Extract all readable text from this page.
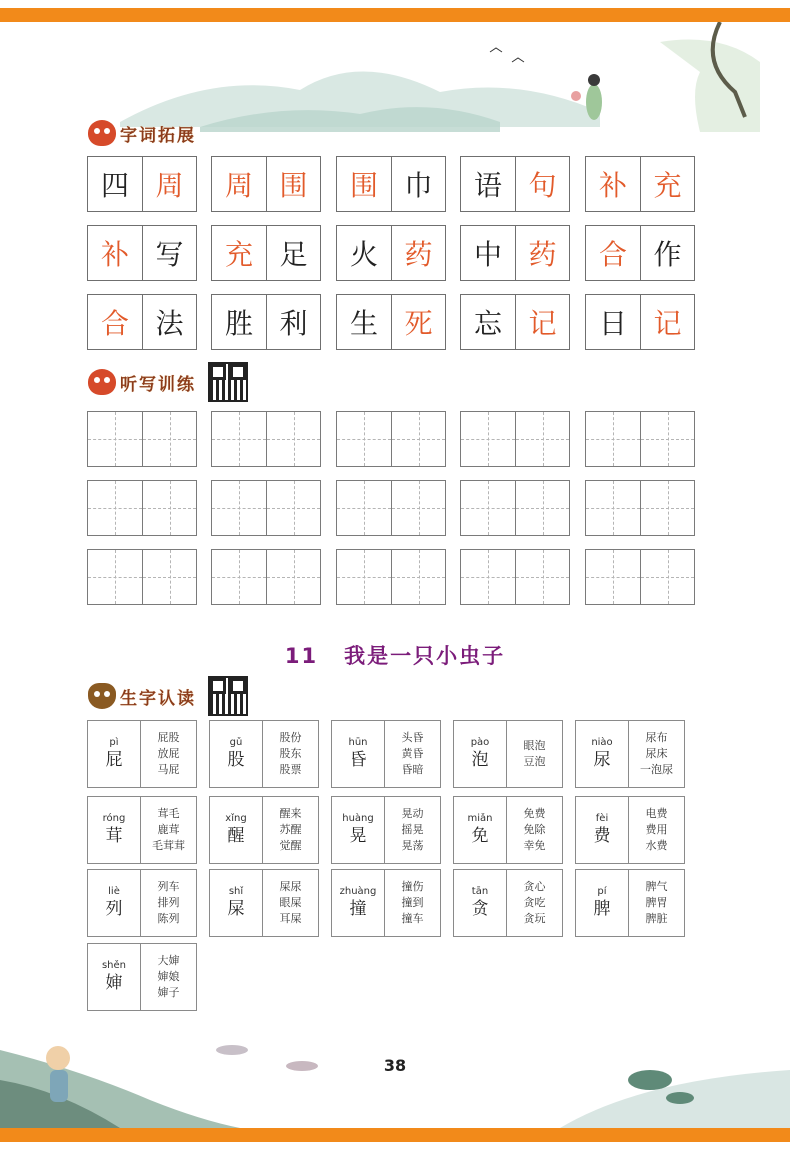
字词拓展
听写训练
11 我是一只小虫子
生字认读
38
四 周	周 围	围 巾	语 句	补 充
补 写	充 足	火 药	中 药	合 作
合 法	胜 利	生 死	忘 记	日 记
pì
屁
屁股
放屁
马屁
gǔ
股
股份
股东
股票
hūn
昏
头昏
黄昏
昏暗
pào
泡
眼泡
豆泡
niào
尿
尿布
尿床
一泡尿
róng
茸
茸毛
鹿茸
毛茸茸
xǐng
醒
醒来
苏醒
觉醒
huàng
晃
晃动
摇晃
晃荡
miǎn
免
免费
免除
幸免
fèi
费
电费
费用
水费
liè
列
列车
排列
陈列
shǐ
屎
屎尿
眼屎
耳屎
zhuàng
撞
撞伤
撞到
撞车
tān
贪
贪心
贪吃
贪玩
pí
脾
脾气
脾胃
脾脏
shěn
婶
大婶
婶娘
婶子
